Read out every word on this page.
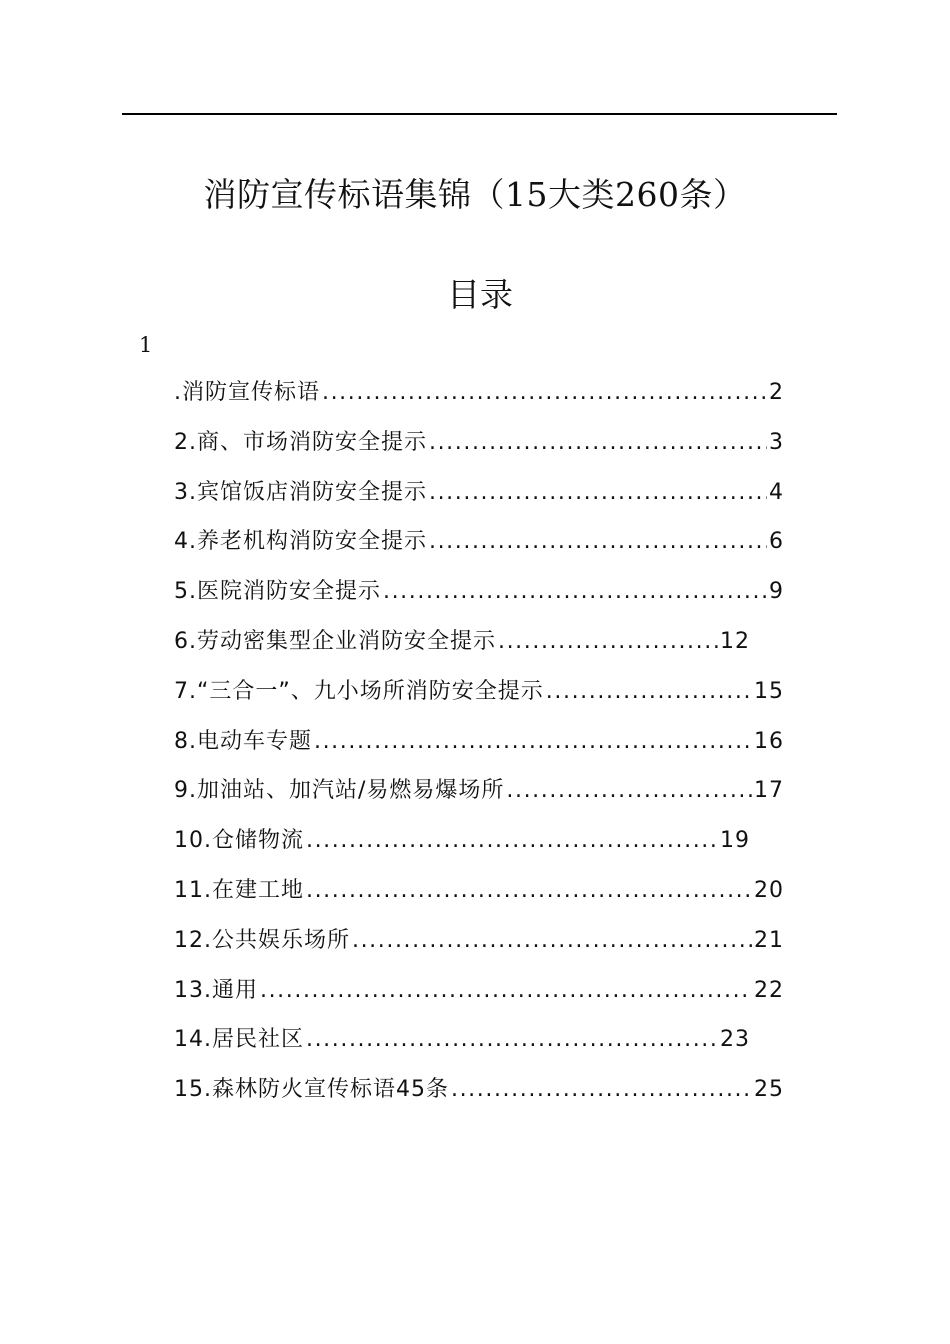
消防宣传标语集锦（15大类260条）
目录
1
.消防宣传标语 .....	2
2.商、市场消防安全提示 .....	3
3.宾馆饭店消防安全提示 .....	4
4.养老机构消防安全提示 .....	6
5.医院消防安全提示 .....	9
6.劳动密集型企业消防安全提示 .....	12
7.“三合一”、九小场所消防安全提示 .....	15
8.电动车专题 .....	16
9.加油站、加汽站/易燃易爆场所 .....	17
10.仓储物流 .....	19
11.在建工地 .....	20
12.公共娱乐场所 .....	21
13.通用 .....	22
14.居民社区 .....	23
15.森林防火宣传标语45条 .....	25
